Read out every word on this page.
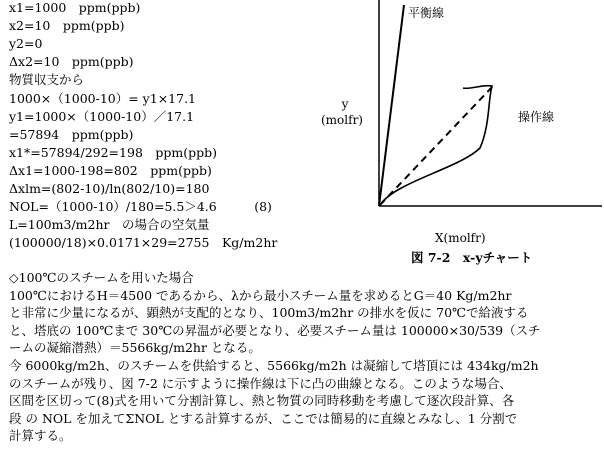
x1=1000　ppm(ppb)
x2=10　ppm(ppb)
y2=0
Δx2=10　ppm(ppb)
物質収支から
1000×（1000-10）= y1×17.1
y1=1000×（1000-10）／17.1
=57894　ppm(ppb)
x1*=57894/292=198　ppm(ppb)
Δx1=1000-198=802　ppm(ppb)
Δxlm=(802-10)/ln(802/10)=180
NOL=（1000-10）/180=5.5＞4.6　　　(8)
L=100m3/m2hr　の場合の空気量
(100000/18)×0.0171×29=2755　Kg/m2hr
平衡線
操作線
y
(molfr)
X(molfr)
図 7-2　x-yチャート

◇100℃のスチームを用いた場合

100℃におけるH＝4500 であるから、λから最小スチーム量を求めるとG＝40 Kg/m2hr

と非常に少量になるが、顕熱が支配的となり、100m3/m2hr の排水を仮に 70℃で給液する

と、塔底の 100℃まで 30℃の昇温が必要となり、必要スチーム量は 100000×30/539（スチ

ームの凝縮潜熱）＝5566kg/m2hr となる。

今 6000kg/m2h、のスチームを供給すると、5566kg/m2h は凝縮して塔頂には 434kg/m2h

のスチームが残り、図 7-2 に示すように操作線は下に凸の曲線となる。このような場合、

区間を区切って(8)式を用いて分割計算し、熱と物質の同時移動を考慮して逐次段計算、各

段 の NOL を加えてΣNOL とする計算するが、ここでは簡易的に直線とみなし、1 分割で

計算する。
